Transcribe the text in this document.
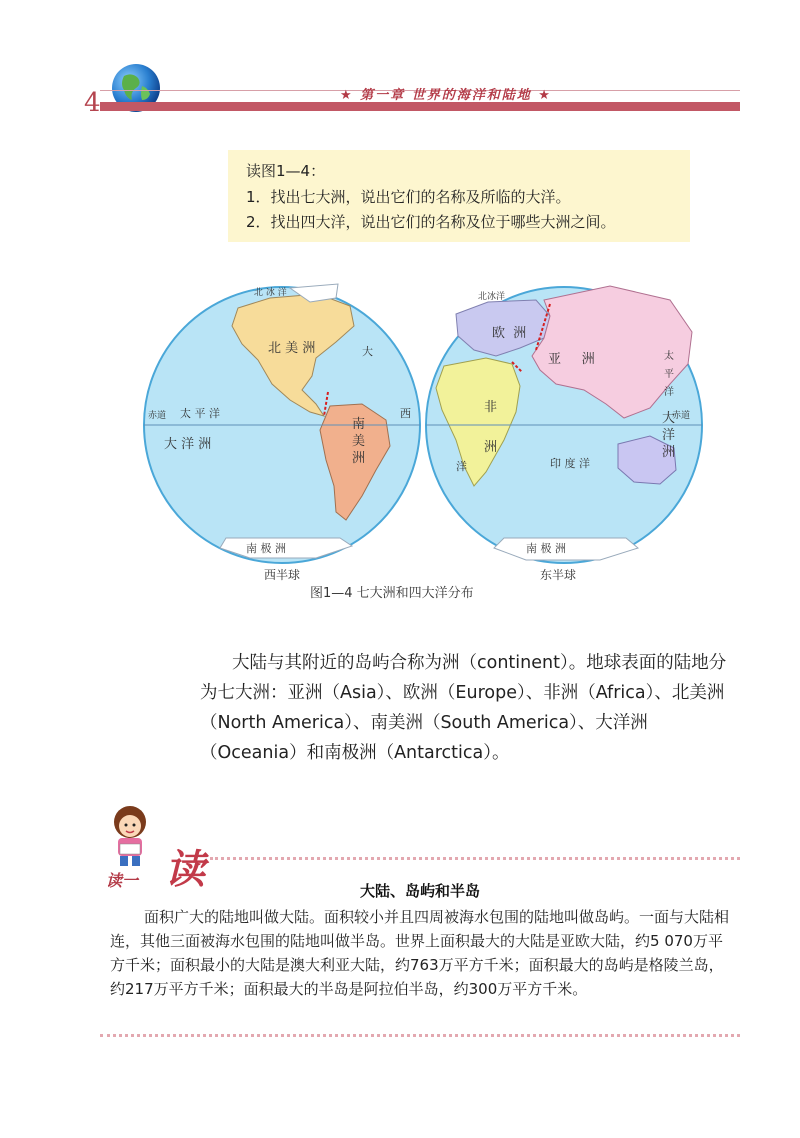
4	★ 第一章 世界的海洋和陆地 ★
读图1—4：
1．找出七大洲，说出它们的名称及所临的大洋。
2．找出四大洋，说出它们的名称及位于哪些大洲之间。
北 美 洲
南
美
洲
太 平 洋
赤道
大 洋 洲
大
西
北 冰 洋
南 极 洲
西半球
欧 洲
亚 洲
非
洲
印 度 洋
洋
大
洋
洲
太
平
洋
赤道
北冰洋
南 极 洲
东半球
图1—4 七大洲和四大洋分布
大陆与其附近的岛屿合称为洲（continent）。地球表面的陆地分为七大洲：亚洲（Asia）、欧洲（Europe）、非洲（Africa）、北美洲（North America）、南美洲（South America）、大洋洲（Oceania）和南极洲（Antarctica）。
读一 读	大陆、岛屿和半岛
面积广大的陆地叫做大陆。面积较小并且四周被海水包围的陆地叫做岛屿。一面与大陆相连，其他三面被海水包围的陆地叫做半岛。世界上面积最大的大陆是亚欧大陆，约5 070万平方千米；面积最小的大陆是澳大利亚大陆，约763万平方千米；面积最大的岛屿是格陵兰岛，约217万平方千米；面积最大的半岛是阿拉伯半岛，约300万平方千米。
